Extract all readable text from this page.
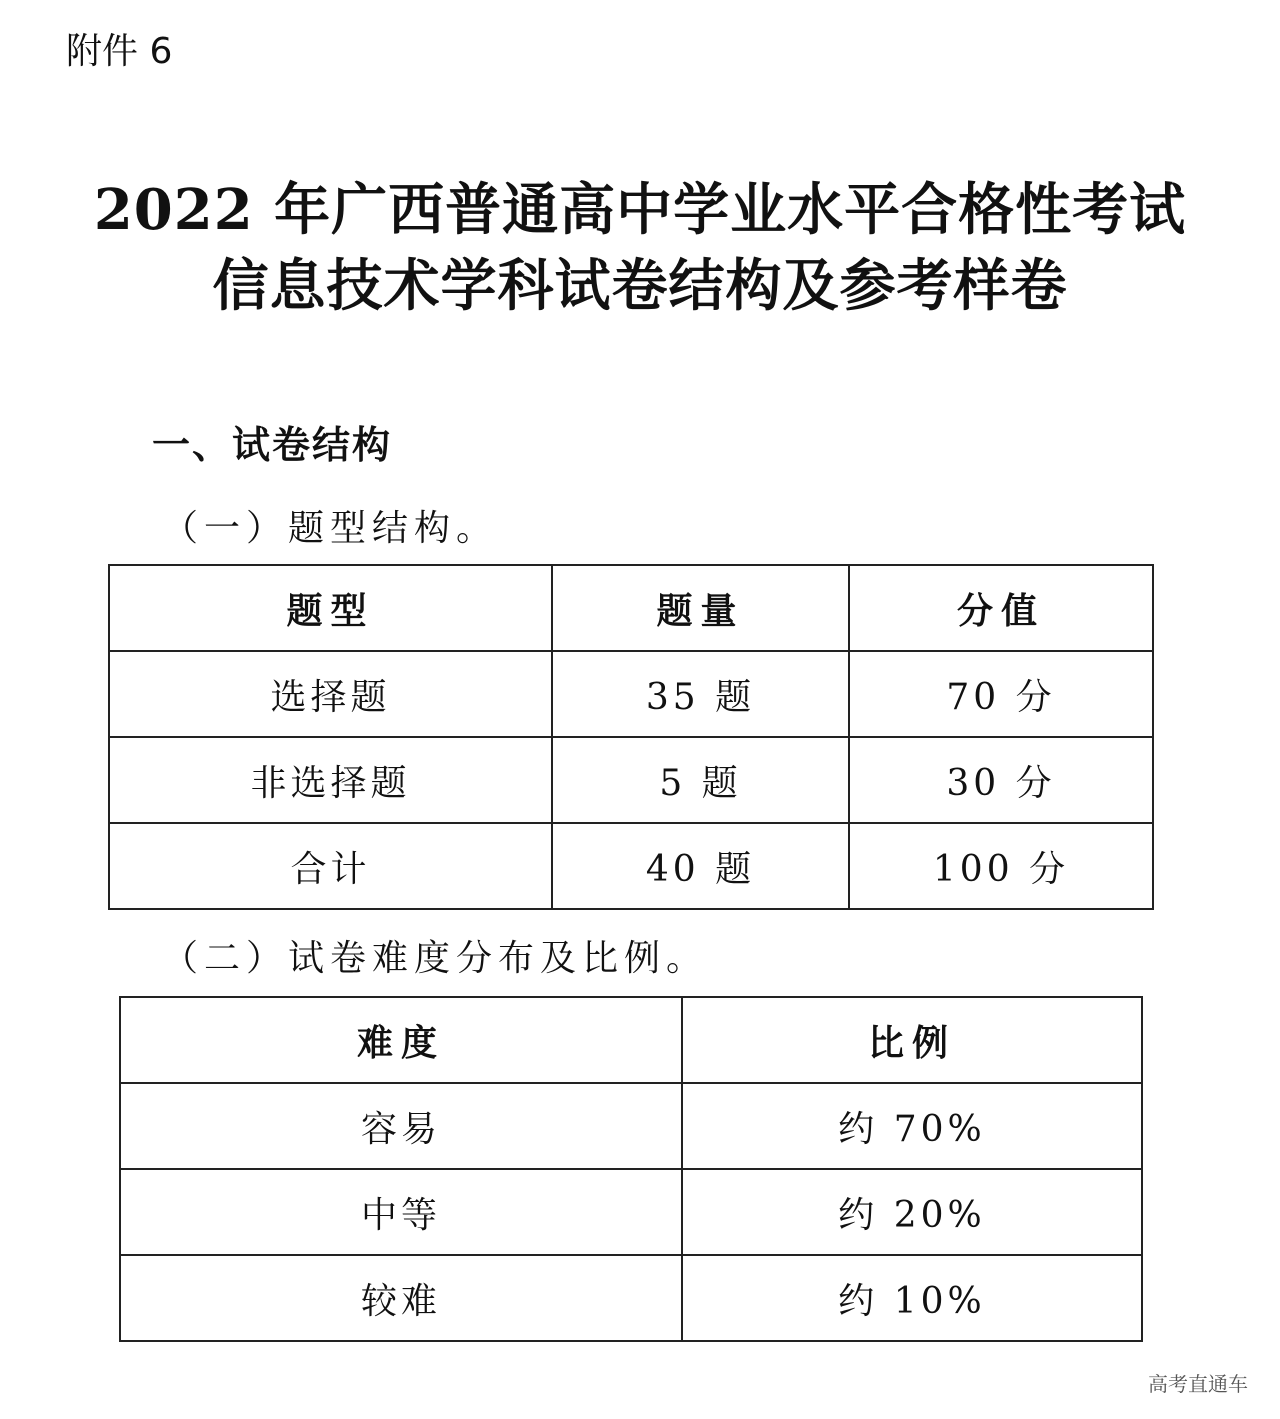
附件 6
2022 年广西普通高中学业水平合格性考试
信息技术学科试卷结构及参考样卷
一、试卷结构
（一）题型结构。
题型	题量	分值
选择题	35 题	70 分
非选择题	5 题	30 分
合计	40 题	100 分
（二）试卷难度分布及比例。
难度	比例
容易	约 70%
中等	约 20%
较难	约 10%
高考直通车
